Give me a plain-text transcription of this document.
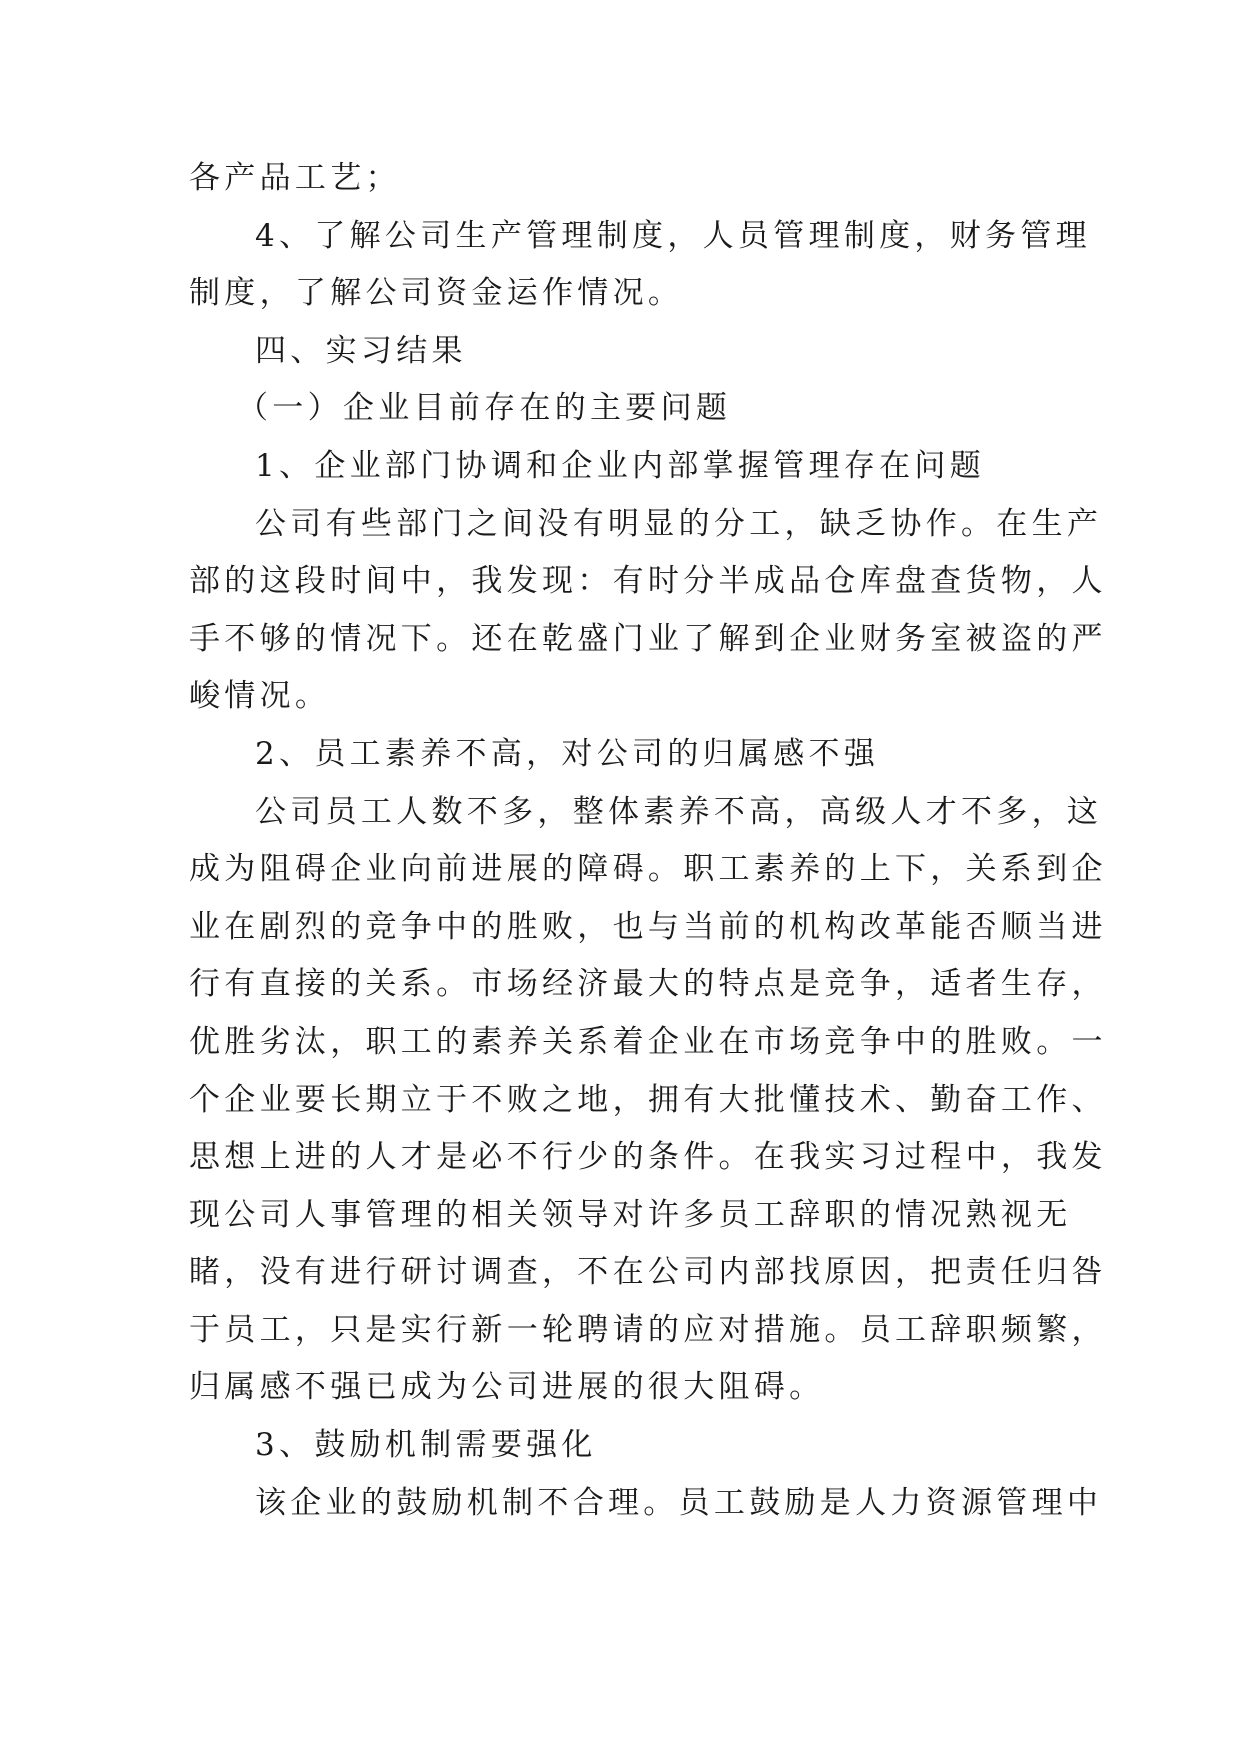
各产品工艺；
4、了解公司生产管理制度，人员管理制度，财务管理
制度，了解公司资金运作情况。
四、实习结果
（一）企业目前存在的主要问题
1、企业部门协调和企业内部掌握管理存在问题
公司有些部门之间没有明显的分工，缺乏协作。在生产
部的这段时间中，我发现：有时分半成品仓库盘查货物，人
手不够的情况下。还在乾盛门业了解到企业财务室被盗的严
峻情况。
2、员工素养不高，对公司的归属感不强
公司员工人数不多，整体素养不高，高级人才不多，这
成为阻碍企业向前进展的障碍。职工素养的上下，关系到企
业在剧烈的竞争中的胜败，也与当前的机构改革能否顺当进
行有直接的关系。市场经济最大的特点是竞争，适者生存，
优胜劣汰，职工的素养关系着企业在市场竞争中的胜败。一
个企业要长期立于不败之地，拥有大批懂技术、勤奋工作、
思想上进的人才是必不行少的条件。在我实习过程中，我发
现公司人事管理的相关领导对许多员工辞职的情况熟视无
睹，没有进行研讨调查，不在公司内部找原因，把责任归咎
于员工，只是实行新一轮聘请的应对措施。员工辞职频繁，
归属感不强已成为公司进展的很大阻碍。
3、鼓励机制需要强化
该企业的鼓励机制不合理。员工鼓励是人力资源管理中
